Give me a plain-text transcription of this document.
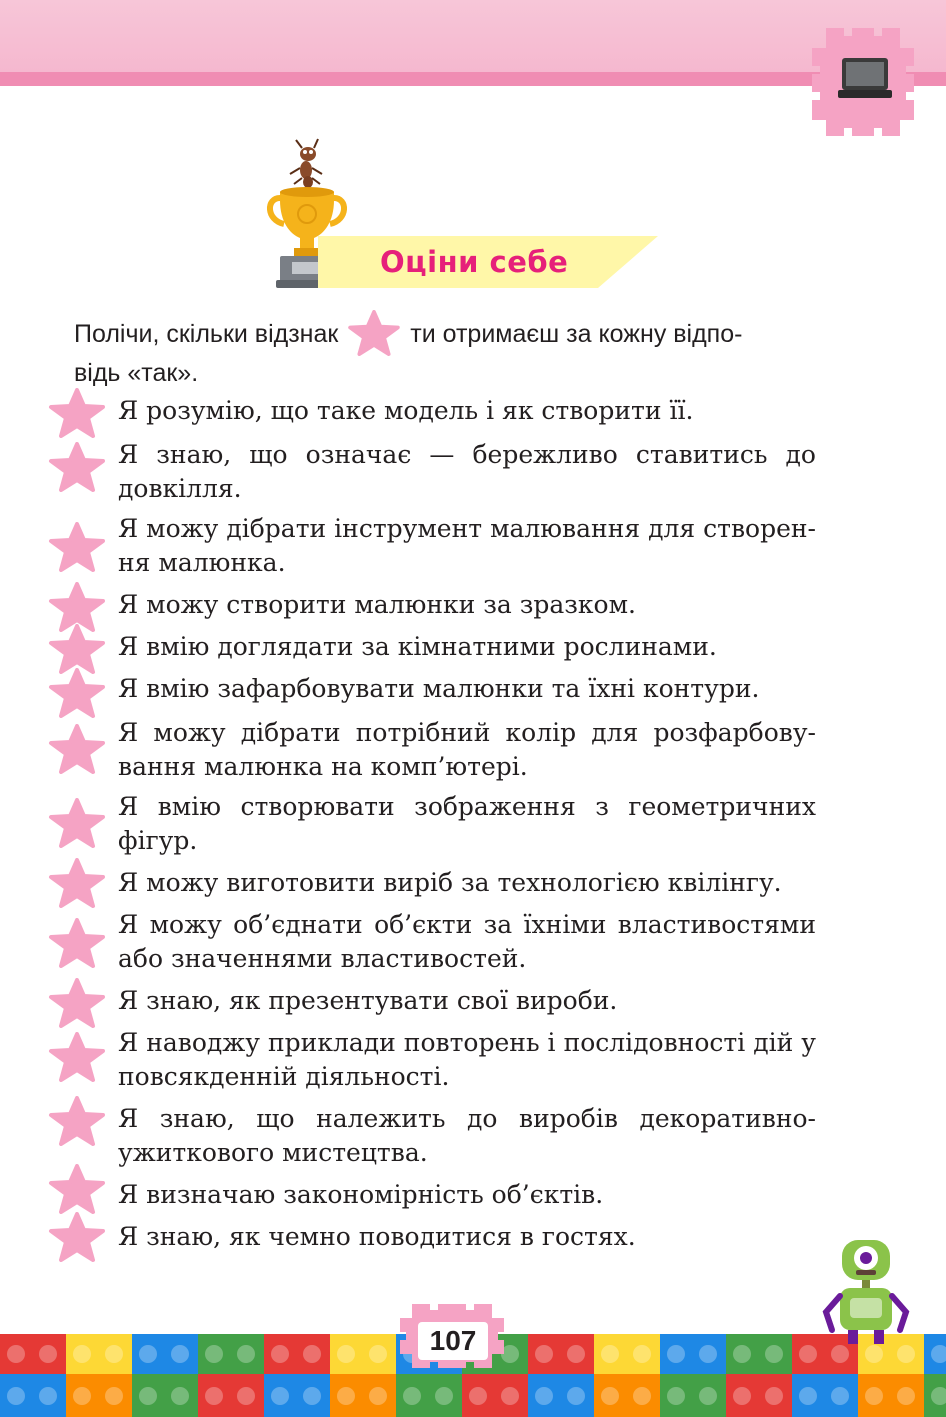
Оціни себе
Полічи, скільки відзнак	ти отримаєш за кожну відпо-
відь «так».
Я розумію, що таке модель і як створити її.
Я знаю, що означає — бережливо ставитись до довкілля.
Я можу дібрати інструмент малювання для створен- ня малюнка.
Я можу створити малюнки за зразком.
Я вмію доглядати за кімнатними рослинами.
Я вмію зафарбовувати малюнки та їхні контури.
Я можу дібрати потрібний колір для розфарбову- вання малюнка на комп’ютері.
Я вмію створювати зображення з геометричних фігур.
Я можу виготовити виріб за технологією квілінгу.
Я можу об’єднати об’єкти за їхніми властивостями або значеннями властивостей.
Я знаю, як презентувати свої вироби.
Я наводжу приклади повторень і послідовності дій у повсякденній діяльності.
Я знаю, що належить до виробів декоративно- ужиткового мистецтва.
Я визначаю закономірність об’єктів.
Я знаю, як чемно поводитися в гостях.
107
